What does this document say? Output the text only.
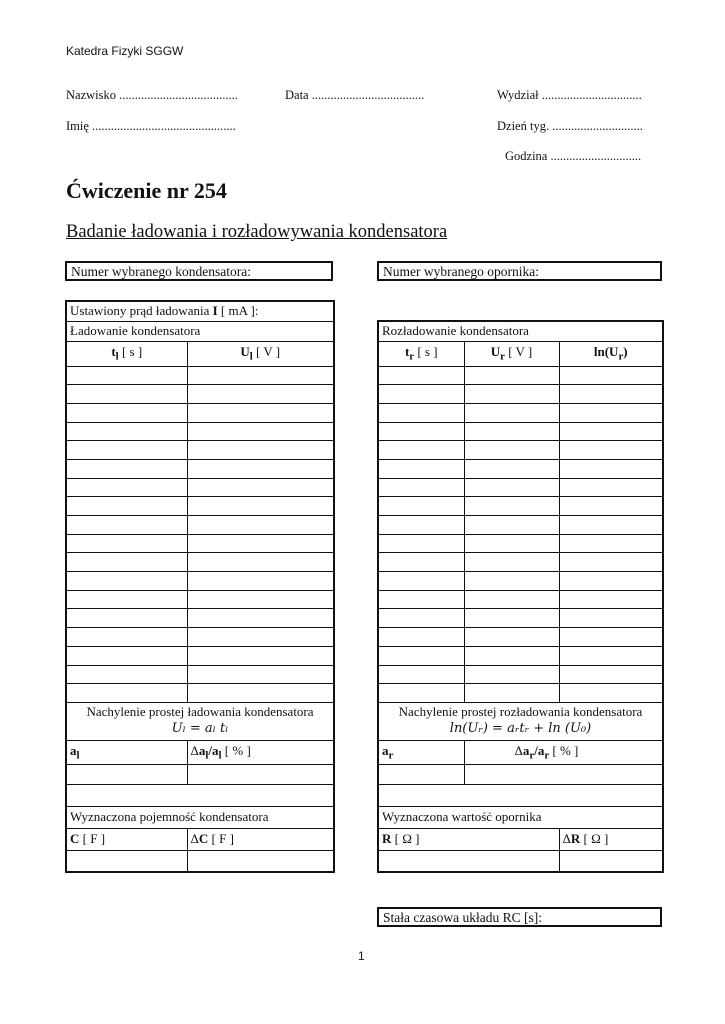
Katedra Fizyki SGGW
Nazwisko ......................................	Data ....................................	Wydział ................................
Imię ..............................................	Dzień tyg. .............................
Godzina .............................
Ćwiczenie nr 254
Badanie ładowania i rozładowywania kondensatora
Numer wybranego kondensatora:	Numer wybranego opornika:
Ustawiony prąd ładowania I [ mA ]:	
Ładowanie kondensatora	
$t_l$ [ s ]	$U_l$ [ V ]

Nachylenie prostej ładowania kondensatora
Uₗ = aₗ tₗ	

$a_l$	$\Delta a_l/a_l$ [ % ]

Wyznaczona pojemność kondensatora	
C [ F ]	ΔC [ F ]

Rozładowanie kondensatora		
$t_r$ [ s ]	$U_r$ [ V ]	$\ln(U_r)$

Nachylenie prostej rozładowania kondensatora
ln(Uᵣ) = aᵣtᵣ + ln (U₀)		

$a_r$	$\Delta a_r/a_r$ [ % ]	

Wyznaczona wartość opornika		
R [ Ω ]		ΔR [ Ω ]

Stała czasowa układu RC [s]:
1
